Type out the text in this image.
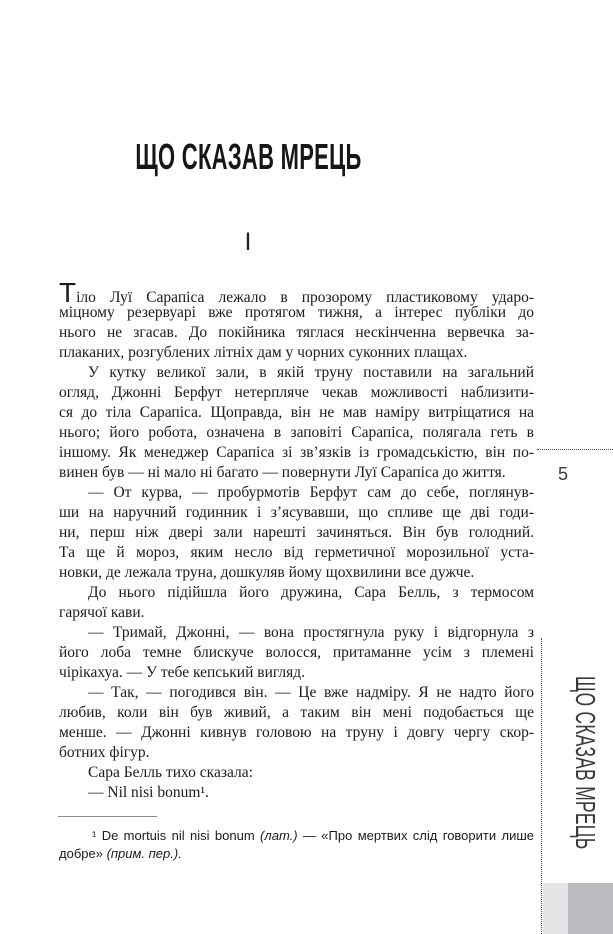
ЩО СКАЗАВ МРЕЦЬ
I
Тіло Луї Сарапіса лежало в прозорому пластиковому ударо-
міцному резервуарі вже протягом тижня, а інтерес публіки до
нього не згасав. До покійника тяглася нескінченна вервечка за-
плаканих, розгублених літніх дам у чорних суконних плащах.
У кутку великої зали, в якій труну поставили на загальний
огляд, Джонні Берфут нетерпляче чекав можливості наблизити-
ся до тіла Сарапіса. Щоправда, він не мав наміру витріщатися на
нього; його робота, означена в заповіті Сарапіса, полягала геть в
іншому. Як менеджер Сарапіса зі зв’язків із громадськістю, він по-
винен був — ні мало ні багато — повернути Луї Сарапіса до життя.
— От курва, — пробурмотів Берфут сам до себе, поглянув-
ши на наручний годинник і з’ясувавши, що спливе ще дві годи-
ни, перш ніж двері зали нарешті зачиняться. Він був голодний.
Та ще й мороз, яким несло від герметичної морозильної уста-
новки, де лежала труна, дошкуляв йому щохвилини все дужче.
До нього підійшла його дружина, Сара Белль, з термосом
гарячої кави.
— Тримай, Джонні, — вона простягнула руку і відгорнула з
його лоба темне блискуче волосся, притаманне усім з племені
чірікахуа. — У тебе кепський вигляд.
— Так, — погодився він. — Це вже надміру. Я не надто його
любив, коли він був живий, а таким він мені подобається ще
менше. — Джонні кивнув головою на труну і довгу чергу скор-
ботних фігур.
Сара Белль тихо сказала:
— Nil nisi bonum¹.
¹ De mortuis nil nisi bonum (лат.) — «Про мертвих слід говорити лише
добре» (прим. пер.).
5
ЩО СКАЗАВ МРЕЦЬ
